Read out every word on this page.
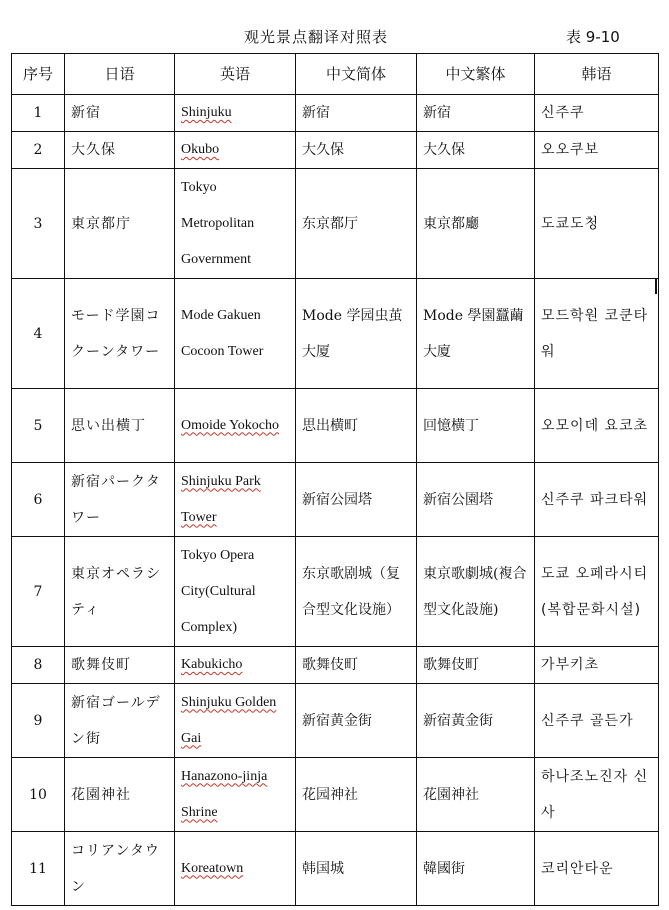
观光景点翻译对照表	表 9-10
序号	日语	英语	中文简体	中文繁体	韩语
1	新宿	Shinjuku	新宿	新宿	신주쿠
2	大久保	Okubo	大久保	大久保	오오쿠보
3	東京都庁	Tokyo Metropolitan Government	东京都厅	東京都廳	도쿄도청
4	モード学園コクーンタワー	Mode Gakuen Cocoon Tower	Mode 学园虫茧大厦	Mode 學園蠶繭大廈	모드학원 코쿤타워
5	思い出横丁	Omoide Yokocho	思出横町	回憶横丁	오모이데 요코초
6	新宿パークタワー	Shinjuku Park Tower	新宿公园塔	新宿公園塔	신주쿠 파크타워
7	東京オペラシティ	Tokyo Opera City(Cultural Complex)	东京歌剧城（复合型文化设施）	東京歌劇城(複合型文化設施)	도쿄 오페라시티 (복합문화시설)
8	歌舞伎町	Kabukicho	歌舞伎町	歌舞伎町	가부키초
9	新宿ゴールデン街	Shinjuku Golden Gai	新宿黄金街	新宿黃金街	신주쿠 골든가
10	花園神社	Hanazono-jinja Shrine	花园神社	花園神社	하나조노진자 신사
11	コリアンタウン	Koreatown	韩国城	韓國街	코리안타운
